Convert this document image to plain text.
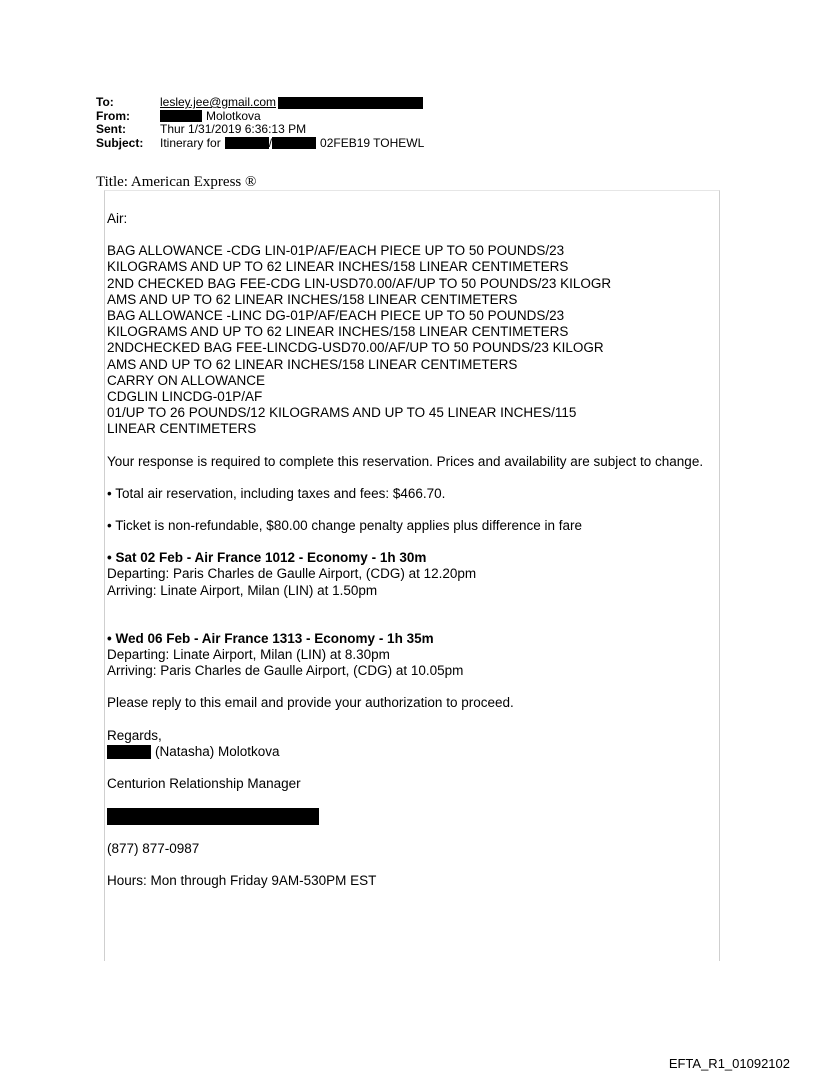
To:	lesley.jee@gmail.com
From:	Molotkova
Sent:	Thur 1/31/2019 6:36:13 PM
Subject:	Itinerary for	/	02FEB19 TOHEWL
Title: American Express ®

Air:

BAG ALLOWANCE -CDG LIN-01P/AF/EACH PIECE UP TO 50 POUNDS/23

KILOGRAMS AND UP TO 62 LINEAR INCHES/158 LINEAR CENTIMETERS

2ND CHECKED BAG FEE-CDG LIN-USD70.00/AF/UP TO 50 POUNDS/23 KILOGR

AMS AND UP TO 62 LINEAR INCHES/158 LINEAR CENTIMETERS

BAG ALLOWANCE -LINC DG-01P/AF/EACH PIECE UP TO 50 POUNDS/23

KILOGRAMS AND UP TO 62 LINEAR INCHES/158 LINEAR CENTIMETERS

2NDCHECKED BAG FEE-LINCDG-USD70.00/AF/UP TO 50 POUNDS/23 KILOGR

AMS AND UP TO 62 LINEAR INCHES/158 LINEAR CENTIMETERS

CARRY ON ALLOWANCE

CDGLIN LINCDG-01P/AF

01/UP TO 26 POUNDS/12 KILOGRAMS AND UP TO 45 LINEAR INCHES/115

LINEAR CENTIMETERS

Your response is required to complete this reservation. Prices and availability are subject to change.

• Total air reservation, including taxes and fees: $466.70.

• Ticket is non-refundable, $80.00 change penalty applies plus difference in fare

• Sat 02 Feb - Air France 1012 - Economy - 1h 30m

Departing: Paris Charles de Gaulle Airport, (CDG) at 12.20pm

Arriving: Linate Airport, Milan (LIN) at 1.50pm

• Wed 06 Feb - Air France 1313 - Economy - 1h 35m

Departing: Linate Airport, Milan (LIN) at 8.30pm

Arriving: Paris Charles de Gaulle Airport, (CDG) at 10.05pm

Please reply to this email and provide your authorization to proceed.

Regards,

(Natasha) Molotkova

Centurion Relationship Manager

(877) 877-0987

Hours: Mon through Friday 9AM-530PM EST

EFTA_R1_01092102
